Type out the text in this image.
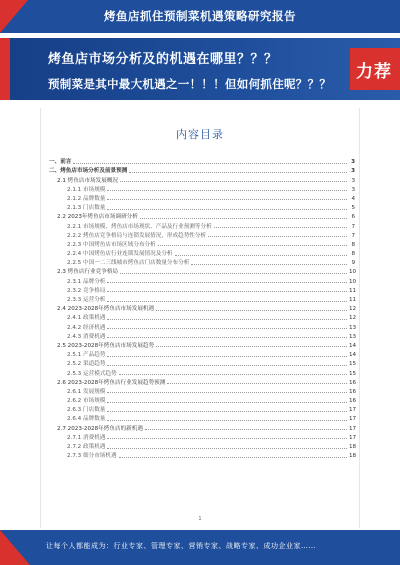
烤鱼店抓住预制菜机遇策略研究报告
烤鱼店市场分析及的机遇在哪里？？？
预制菜是其中最大机遇之一！！！但如何抓住呢？？？
力荐
内容目录
一、前言	3
二、烤鱼店市场分析及前景预测	3
2.1 烤鱼店市场发展概况	3
2.1.1 市场规模	3
2.1.2 品牌数量	4
2.1.3 门店数量	5
2.2 2023年烤鱼店市场调研分析	6
2.2.1 市场规模、烤鱼店市场现状、产品及行业预测等分析	7
2.2.2 烤鱼店竞争格局与连锁发展情况，形成趋势性分析	7
2.2.3 中国烤鱼店市场区域分布分析	8
2.2.4 中国烤鱼店行业连锁发展情况及分析	8
2.2.5 中国一二三线城市烤鱼店门店数量分布分析	9
2.3 烤鱼店行业竞争格局	10
2.3.1 品牌分析	10
2.3.2 竞争格局	11
2.3.3 运营分析	11
2.4 2023-2028年烤鱼店市场发展机遇	12
2.4.1 政策机遇	12
2.4.2 经济机遇	13
2.4.3 消费机遇	13
2.5 2023-2028年烤鱼店市场发展趋势	14
2.5.1 产品趋势	14
2.5.2 渠道趋势	15
2.5.3 运营模式趋势	15
2.6 2023-2028年烤鱼店行业发展趋势预测	16
2.6.1 发展规模	16
2.6.2 市场规模	16
2.6.3 门店数量	17
2.6.4 品牌数量	17
2.7 2023-2028年烤鱼店的新机遇	17
2.7.1 消费机遇	17
2.7.2 政策机遇	18
2.7.3 细分市场机遇	18
1
让每个人都能成为：行业专家、管理专家、营销专家、战略专家、成功企业家……
